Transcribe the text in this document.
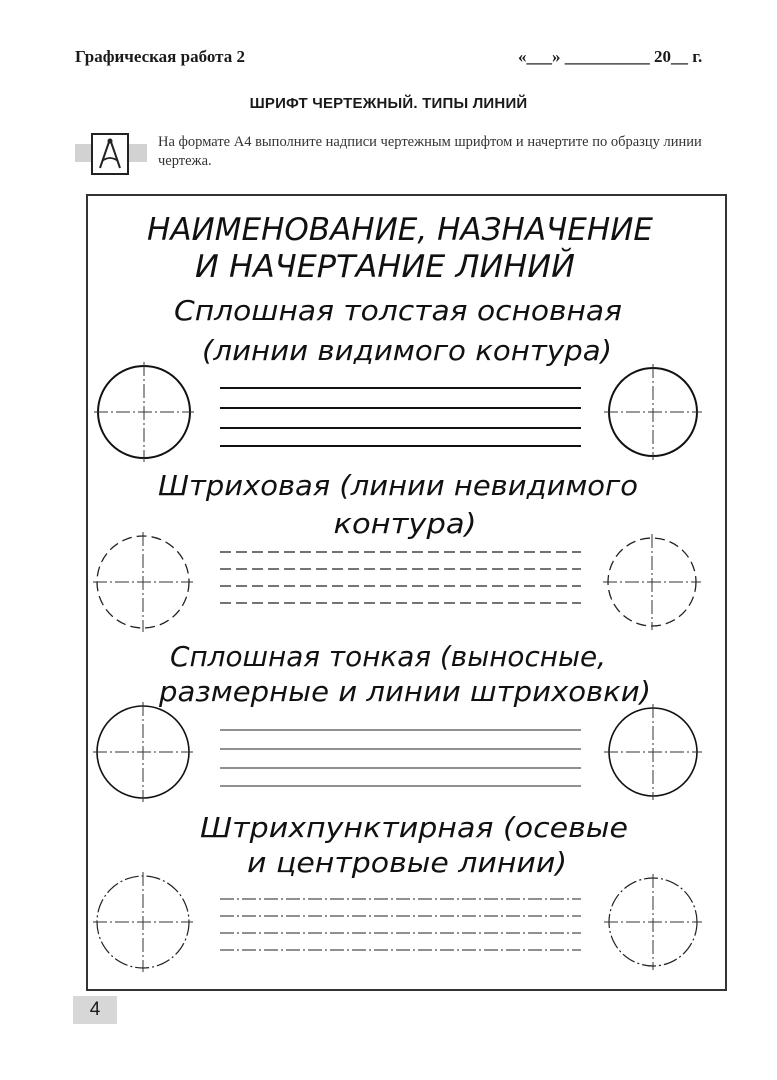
Графическая работа 2	«___» __________ 20__ г.
ШРИФТ ЧЕРТЕЖНЫЙ. ТИПЫ ЛИНИЙ
На формате А4 выполните надписи чертежным шрифтом и начертите по образцу линии чертежа.
НАИМЕНОВАНИЕ, НАЗНАЧЕНИЕ
И НАЧЕРТАНИЕ ЛИНИЙ
Сплошная толстая основная
(линии видимого контура)
Штриховая (линии невидимого
контура)
Сплошная тонкая (выносные,
размерные и линии штриховки)
Штрихпунктирная (осевые
и центровые линии)
4
